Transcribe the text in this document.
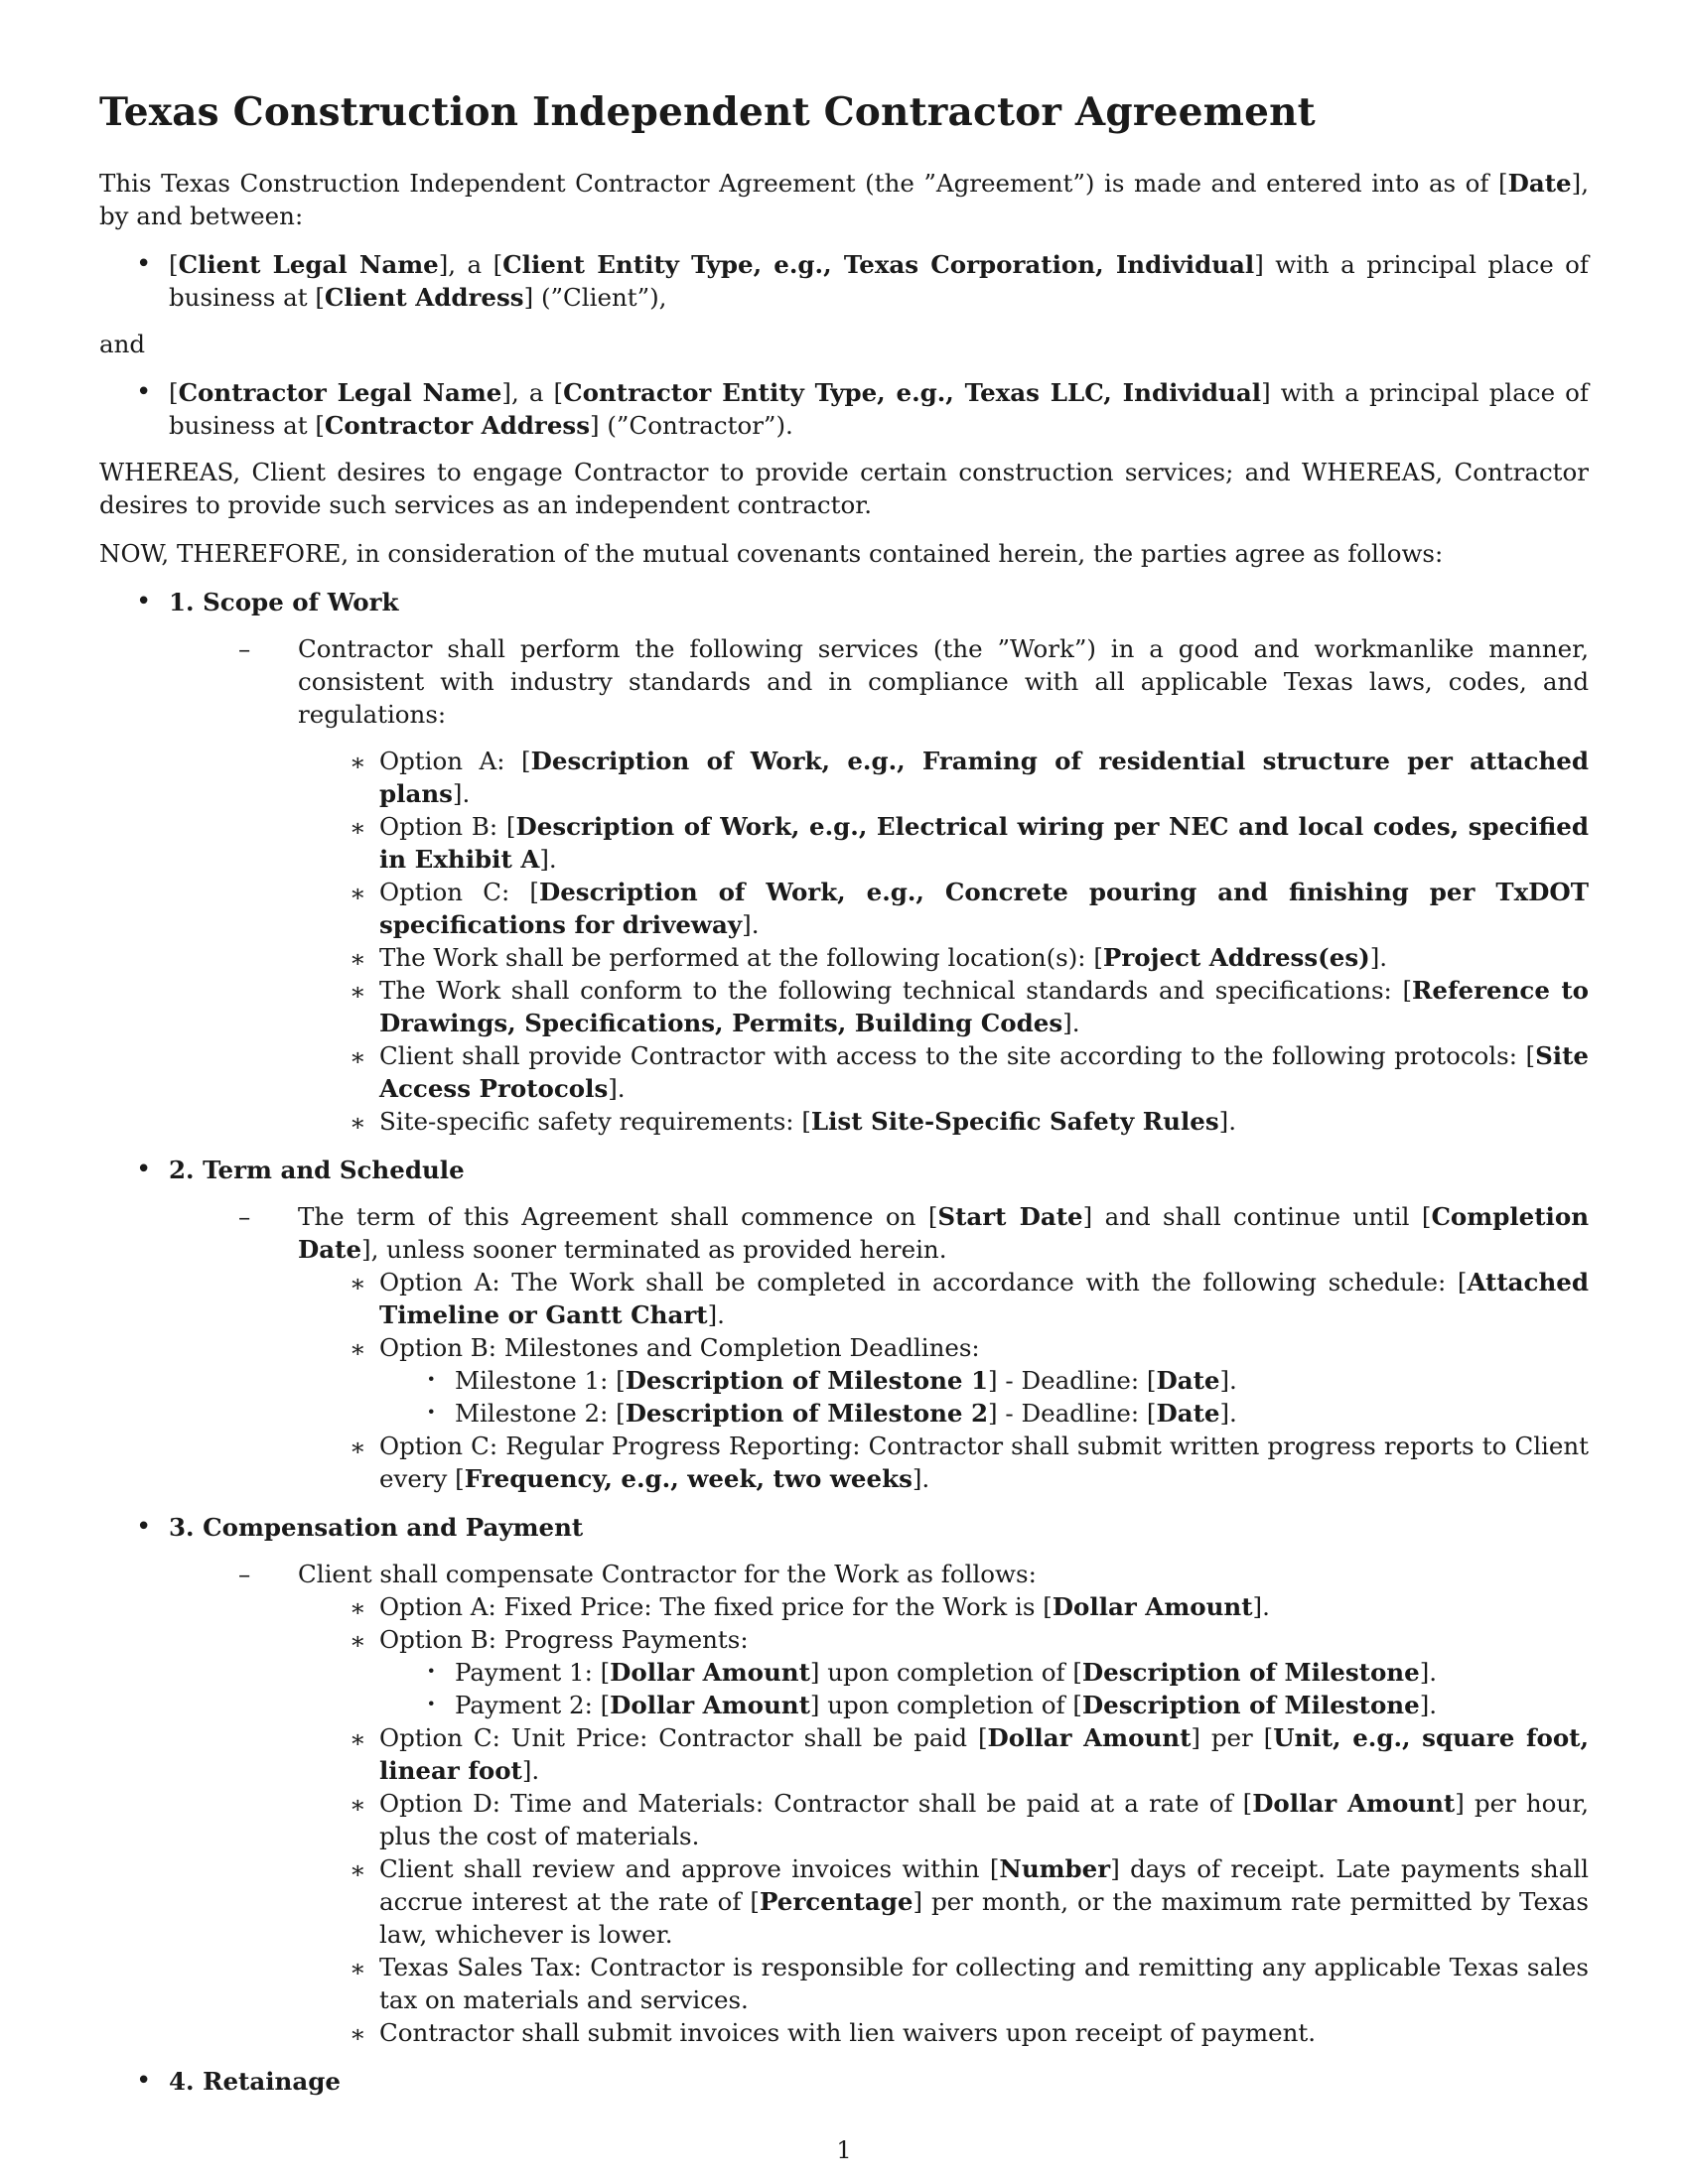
Texas Construction Independent Contractor Agreement

This Texas Construction Independent Contractor Agreement (the ”Agreement”) is made and entered into as of [Date], by and between:

• [Client Legal Name], a [Client Entity Type, e.g., Texas Corporation, Individual] with a principal place of business at [Client Address] (”Client”),

and

• [Contractor Legal Name], a [Contractor Entity Type, e.g., Texas LLC, Individual] with a principal place of business at [Contractor Address] (”Contractor”).

WHEREAS, Client desires to engage Contractor to provide certain construction services; and WHEREAS, Contractor desires to provide such services as an independent contractor.

NOW, THEREFORE, in consideration of the mutual covenants contained herein, the parties agree as follows:

• 1. Scope of Work
– Contractor shall perform the following services (the ”Work”) in a good and workmanlike manner, consistent with industry standards and in compliance with all applicable Texas laws, codes, and regulations:
∗ Option A: [Description of Work, e.g., Framing of residential structure per attached plans].
∗ Option B: [Description of Work, e.g., Electrical wiring per NEC and local codes, specified in Exhibit A].
∗ Option C: [Description of Work, e.g., Concrete pouring and finishing per TxDOT specifications for driveway].
∗ The Work shall be performed at the following location(s): [Project Address(es)].
∗ The Work shall conform to the following technical standards and specifications: [Reference to Drawings, Specifications, Permits, Building Codes].
∗ Client shall provide Contractor with access to the site according to the following protocols: [Site Access Protocols].
∗ Site-specific safety requirements: [List Site-Specific Safety Rules].
• 2. Term and Schedule
– The term of this Agreement shall commence on [Start Date] and shall continue until [Completion Date], unless sooner terminated as provided herein.
∗ Option A: The Work shall be completed in accordance with the following schedule: [Attached Timeline or Gantt Chart].
∗ Option B: Milestones and Completion Deadlines:
· Milestone 1: [Description of Milestone 1] - Deadline: [Date].
· Milestone 2: [Description of Milestone 2] - Deadline: [Date].
∗ Option C: Regular Progress Reporting: Contractor shall submit written progress reports to Client every [Frequency, e.g., week, two weeks].
• 3. Compensation and Payment
– Client shall compensate Contractor for the Work as follows:
∗ Option A: Fixed Price: The fixed price for the Work is [Dollar Amount].
∗ Option B: Progress Payments:
· Payment 1: [Dollar Amount] upon completion of [Description of Milestone].
· Payment 2: [Dollar Amount] upon completion of [Description of Milestone].
∗ Option C: Unit Price: Contractor shall be paid [Dollar Amount] per [Unit, e.g., square foot, linear foot].
∗ Option D: Time and Materials: Contractor shall be paid at a rate of [Dollar Amount] per hour, plus the cost of materials.
∗ Client shall review and approve invoices within [Number] days of receipt. Late payments shall accrue interest at the rate of [Percentage] per month, or the maximum rate permitted by Texas law, whichever is lower.
∗ Texas Sales Tax: Contractor is responsible for collecting and remitting any applicable Texas sales tax on materials and services.
∗ Contractor shall submit invoices with lien waivers upon receipt of payment.
• 4. Retainage
1
